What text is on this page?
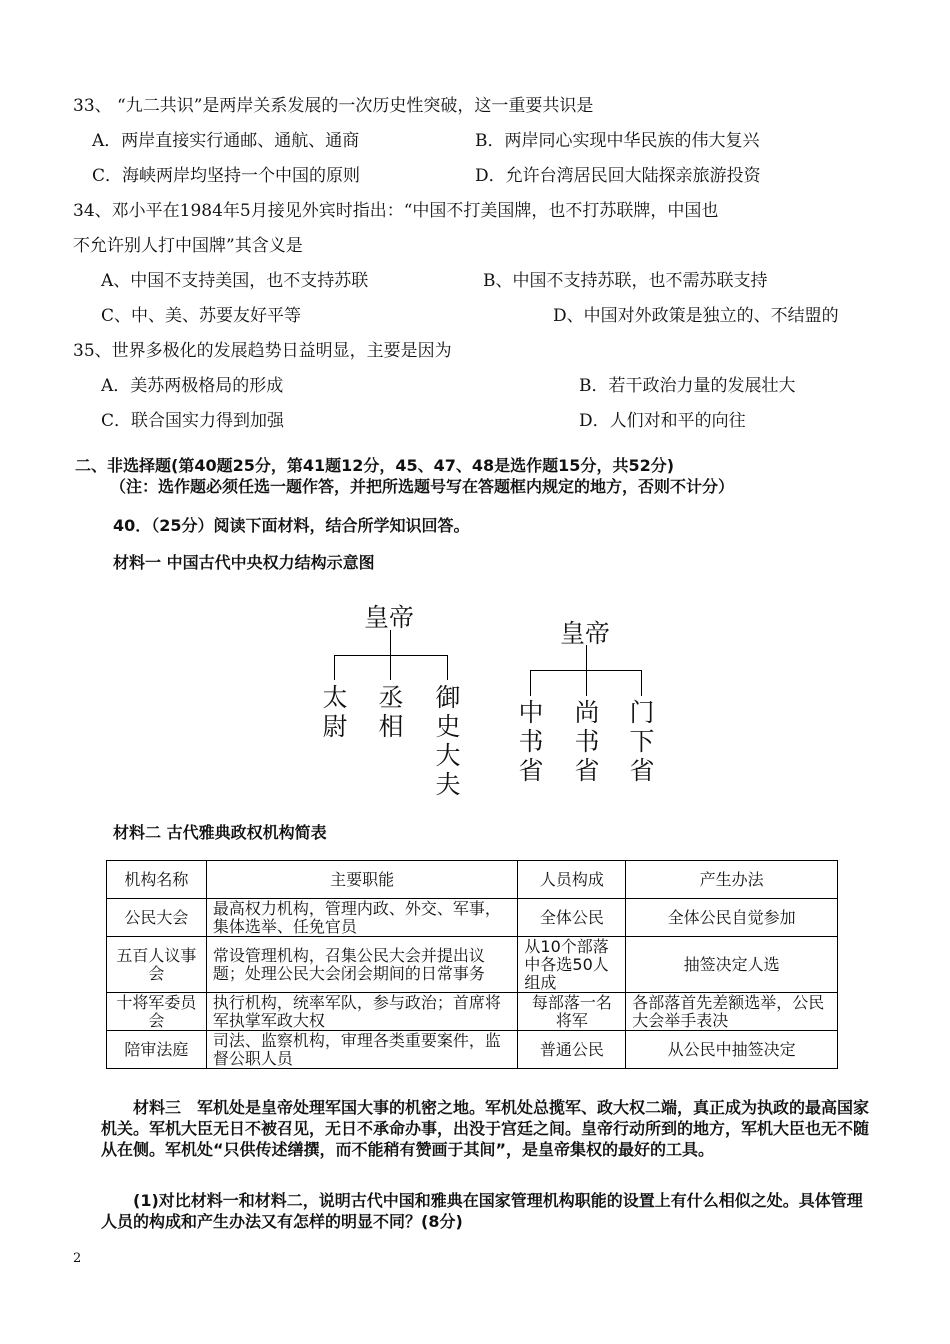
33、 “九二共识”是两岸关系发展的一次历史性突破，这一重要共识是
A．两岸直接实行通邮、通航、通商	B．两岸同心实现中华民族的伟大复兴
C．海峡两岸均坚持一个中国的原则	D．允许台湾居民回大陆探亲旅游投资
34、邓小平在1984年5月接见外宾时指出：“中国不打美国牌，也不打苏联牌，中国也
不允许别人打中国牌”其含义是
A、中国不支持美国，也不支持苏联	B、中国不支持苏联，也不需苏联支持
C、中、美、苏要友好平等	D、中国对外政策是独立的、不结盟的
35、世界多极化的发展趋势日益明显，主要是因为
A．美苏两极格局的形成	B．若干政治力量的发展壮大
C．联合国实力得到加强	D．人们对和平的向往
二、非选择题(第40题25分，第41题12分，45、47、48是选作题15分，共52分)
（注：选作题必须任选一题作答，并把所选题号写在答题框内规定的地方，否则不计分）
40．（25分）阅读下面材料，结合所学知识回答。
材料一 中国古代中央权力结构示意图
皇帝
太尉
丞相
御史大夫
皇帝
中书省
尚书省
门下省
材料二 古代雅典政权机构简表
机构名称	主要职能	人员构成	产生办法
公民大会	最高权力机构，管理内政、外交、军事，集体选举、任免官员	全体公民	全体公民自觉参加
五百人议事会	常设管理机构，召集公民大会并提出议题；处理公民大会闭会期间的日常事务	从10个部落中各选50人组成	抽签决定人选
十将军委员会	执行机构，统率军队，参与政治；首席将军执掌军政大权	每部落一名将军	各部落首先差额选举，公民大会举手表决
陪审法庭	司法、监察机构，审理各类重要案件，监督公职人员	普通公民	从公民中抽签决定
材料三　军机处是皇帝处理军国大事的机密之地。军机处总揽军、政大权二端，真正成为执政的最高国家机关。军机大臣无日不被召见，无日不承命办事，出没于宫廷之间。皇帝行动所到的地方，军机大臣也无不随从在侧。军机处“只供传述缮撰，而不能稍有赞画于其间”，是皇帝集权的最好的工具。
(1)对比材料一和材料二，说明古代中国和雅典在国家管理机构职能的设置上有什么相似之处。具体管理人员的构成和产生办法又有怎样的明显不同？(8分)
2
